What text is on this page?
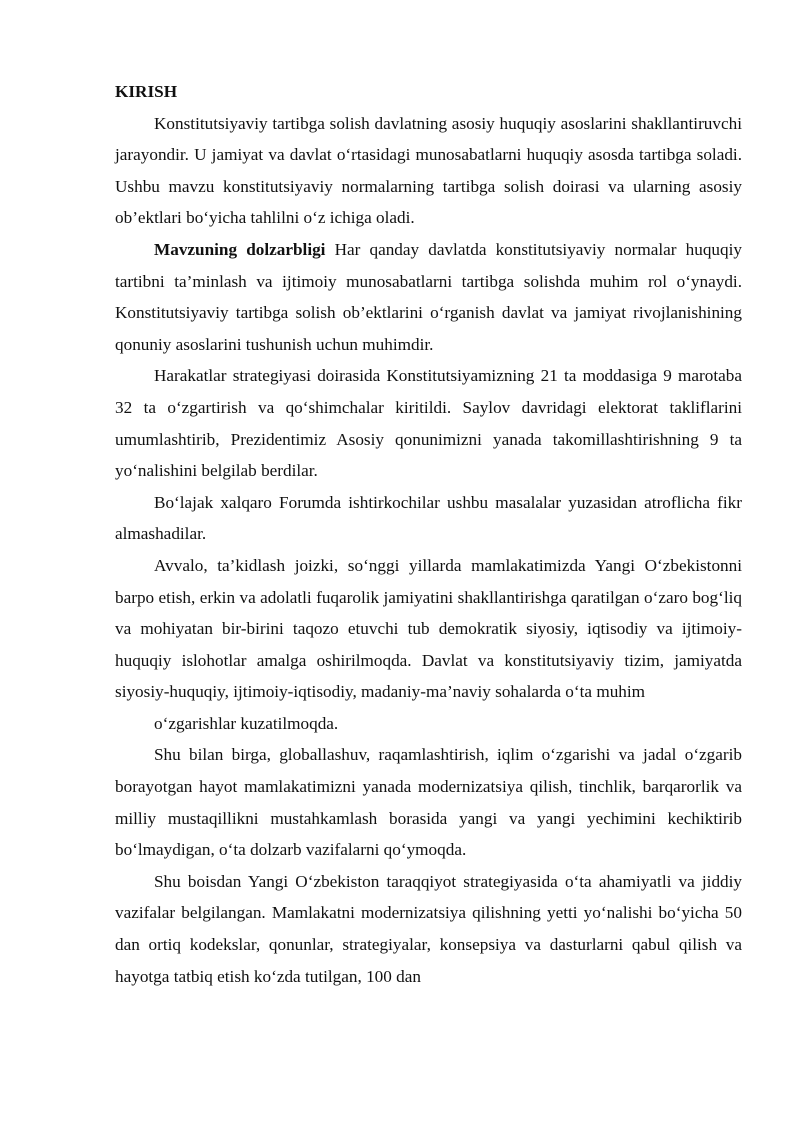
KIRISH

Konstitutsiyaviy tartibga solish davlatning asosiy huquqiy asoslarini shakllantiruvchi jarayondir. U jamiyat va davlat o‘rtasidagi munosabatlarni huquqiy asosda tartibga soladi. Ushbu mavzu konstitutsiyaviy normalarning tartibga solish doirasi va ularning asosiy ob’ektlari bo‘yicha tahlilni o‘z ichiga oladi.

Mavzuning dolzarbligi Har qanday davlatda konstitutsiyaviy normalar huquqiy tartibni ta’minlash va ijtimoiy munosabatlarni tartibga solishda muhim rol o‘ynaydi. Konstitutsiyaviy tartibga solish ob’ektlarini o‘rganish davlat va jamiyat rivojlanishining qonuniy asoslarini tushunish uchun muhimdir.

Harakatlar strategiyasi doirasida Konstitutsiyamizning 21 ta moddasiga 9 marotaba 32 ta o‘zgartirish va qo‘shimchalar kiritildi. Saylov davridagi elektorat takliflarini umumlashtirib, Prezidentimiz Asosiy qonunimizni yanada takomillashtirishning 9 ta yo‘nalishini belgilab berdilar.

Bo‘lajak xalqaro Forumda ishtirkochilar ushbu masalalar yuzasidan atroflicha fikr almashadilar.

Avvalo, ta’kidlash joizki, so‘nggi yillarda mamlakatimizda Yangi O‘zbekistonni barpo etish, erkin va adolatli fuqarolik jamiyatini shakllantirishga qaratilgan o‘zaro bog‘liq va mohiyatan bir-birini taqozo etuvchi tub demokratik siyosiy, iqtisodiy va ijtimoiy-huquqiy islohotlar amalga oshirilmoqda. Davlat va konstitutsiyaviy tizim, jamiyatda siyosiy-huquqiy, ijtimoiy-iqtisodiy, madaniy-ma’naviy sohalarda o‘ta muhim

o‘zgarishlar kuzatilmoqda.

Shu bilan birga, globallashuv, raqamlashtirish, iqlim o‘zgarishi va jadal o‘zgarib borayotgan hayot mamlakatimizni yanada modernizatsiya qilish, tinchlik, barqarorlik va milliy mustaqillikni mustahkamlash borasida yangi va yangi yechimini kechiktirib bo‘lmaydigan, o‘ta dolzarb vazifalarni qo‘ymoqda.

Shu boisdan Yangi O‘zbekiston taraqqiyot strategiyasida o‘ta ahamiyatli va jiddiy vazifalar belgilangan. Mamlakatni modernizatsiya qilishning yetti yo‘nalishi bo‘yicha 50 dan ortiq kodekslar, qonunlar, strategiyalar, konsepsiya va dasturlarni qabul qilish va hayotga tatbiq etish ko‘zda tutilgan, 100 dan
